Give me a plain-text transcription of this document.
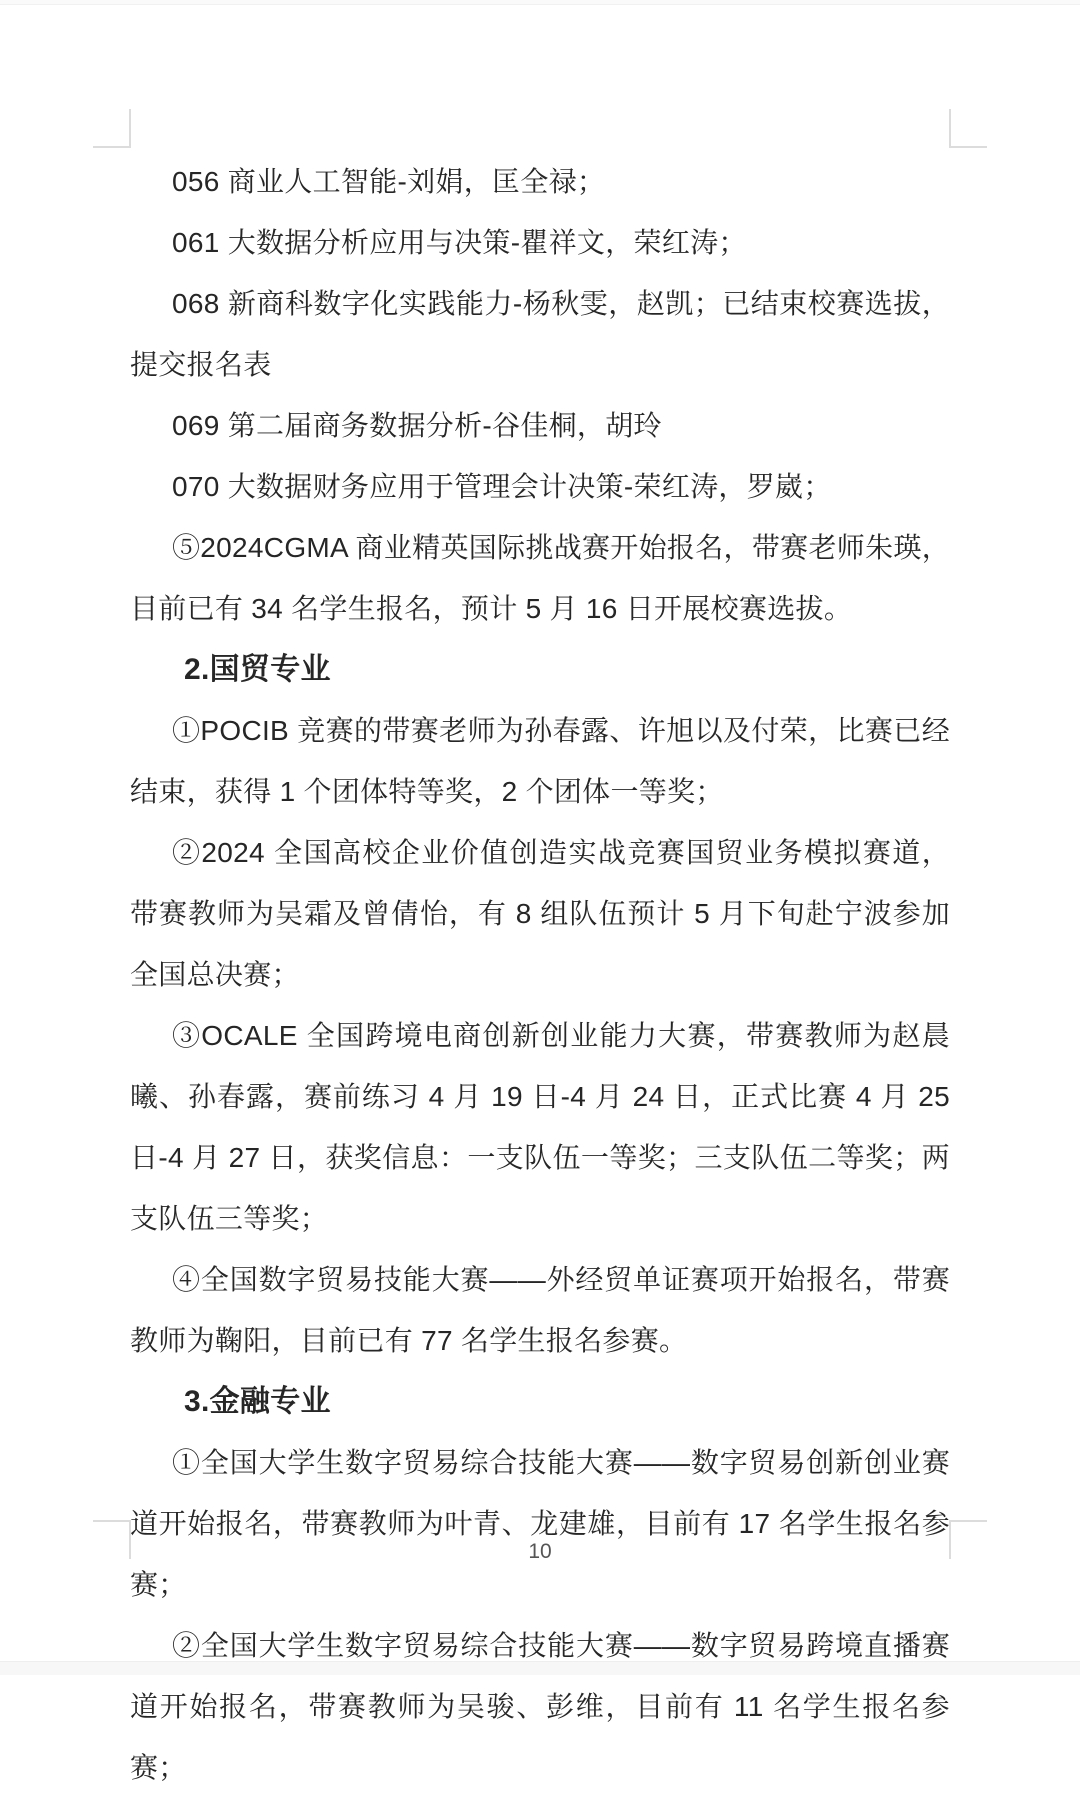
056 商业人工智能-刘娟，匡全禄；

061 大数据分析应用与决策-瞿祥文，荣红涛；

068 新商科数字化实践能力-杨秋雯，赵凯；已结束校赛选拔，提交报名表

069 第二届商务数据分析-谷佳桐，胡玲

070 大数据财务应用于管理会计决策-荣红涛，罗崴；

⑤2024CGMA 商业精英国际挑战赛开始报名，带赛老师朱瑛，目前已有 34 名学生报名，预计 5 月 16 日开展校赛选拔。

2.国贸专业

①POCIB 竞赛的带赛老师为孙春露、许旭以及付荣，比赛已经结束，获得 1 个团体特等奖，2 个团体一等奖；

②2024 全国高校企业价值创造实战竞赛国贸业务模拟赛道，带赛教师为吴霜及曾倩怡，有 8 组队伍预计 5 月下旬赴宁波参加全国总决赛；

③OCALE 全国跨境电商创新创业能力大赛，带赛教师为赵晨曦、孙春露，赛前练习 4 月 19 日-4 月 24 日，正式比赛 4 月 25 日-4 月 27 日，获奖信息：一支队伍一等奖；三支队伍二等奖；两支队伍三等奖；

④全国数字贸易技能大赛——外经贸单证赛项开始报名，带赛教师为鞠阳，目前已有 77 名学生报名参赛。

3.金融专业

①全国大学生数字贸易综合技能大赛——数字贸易创新创业赛道开始报名，带赛教师为叶青、龙建雄，目前有 17 名学生报名参赛；

②全国大学生数字贸易综合技能大赛——数字贸易跨境直播赛道开始报名，带赛教师为吴骏、彭维，目前有 11 名学生报名参赛；

10
